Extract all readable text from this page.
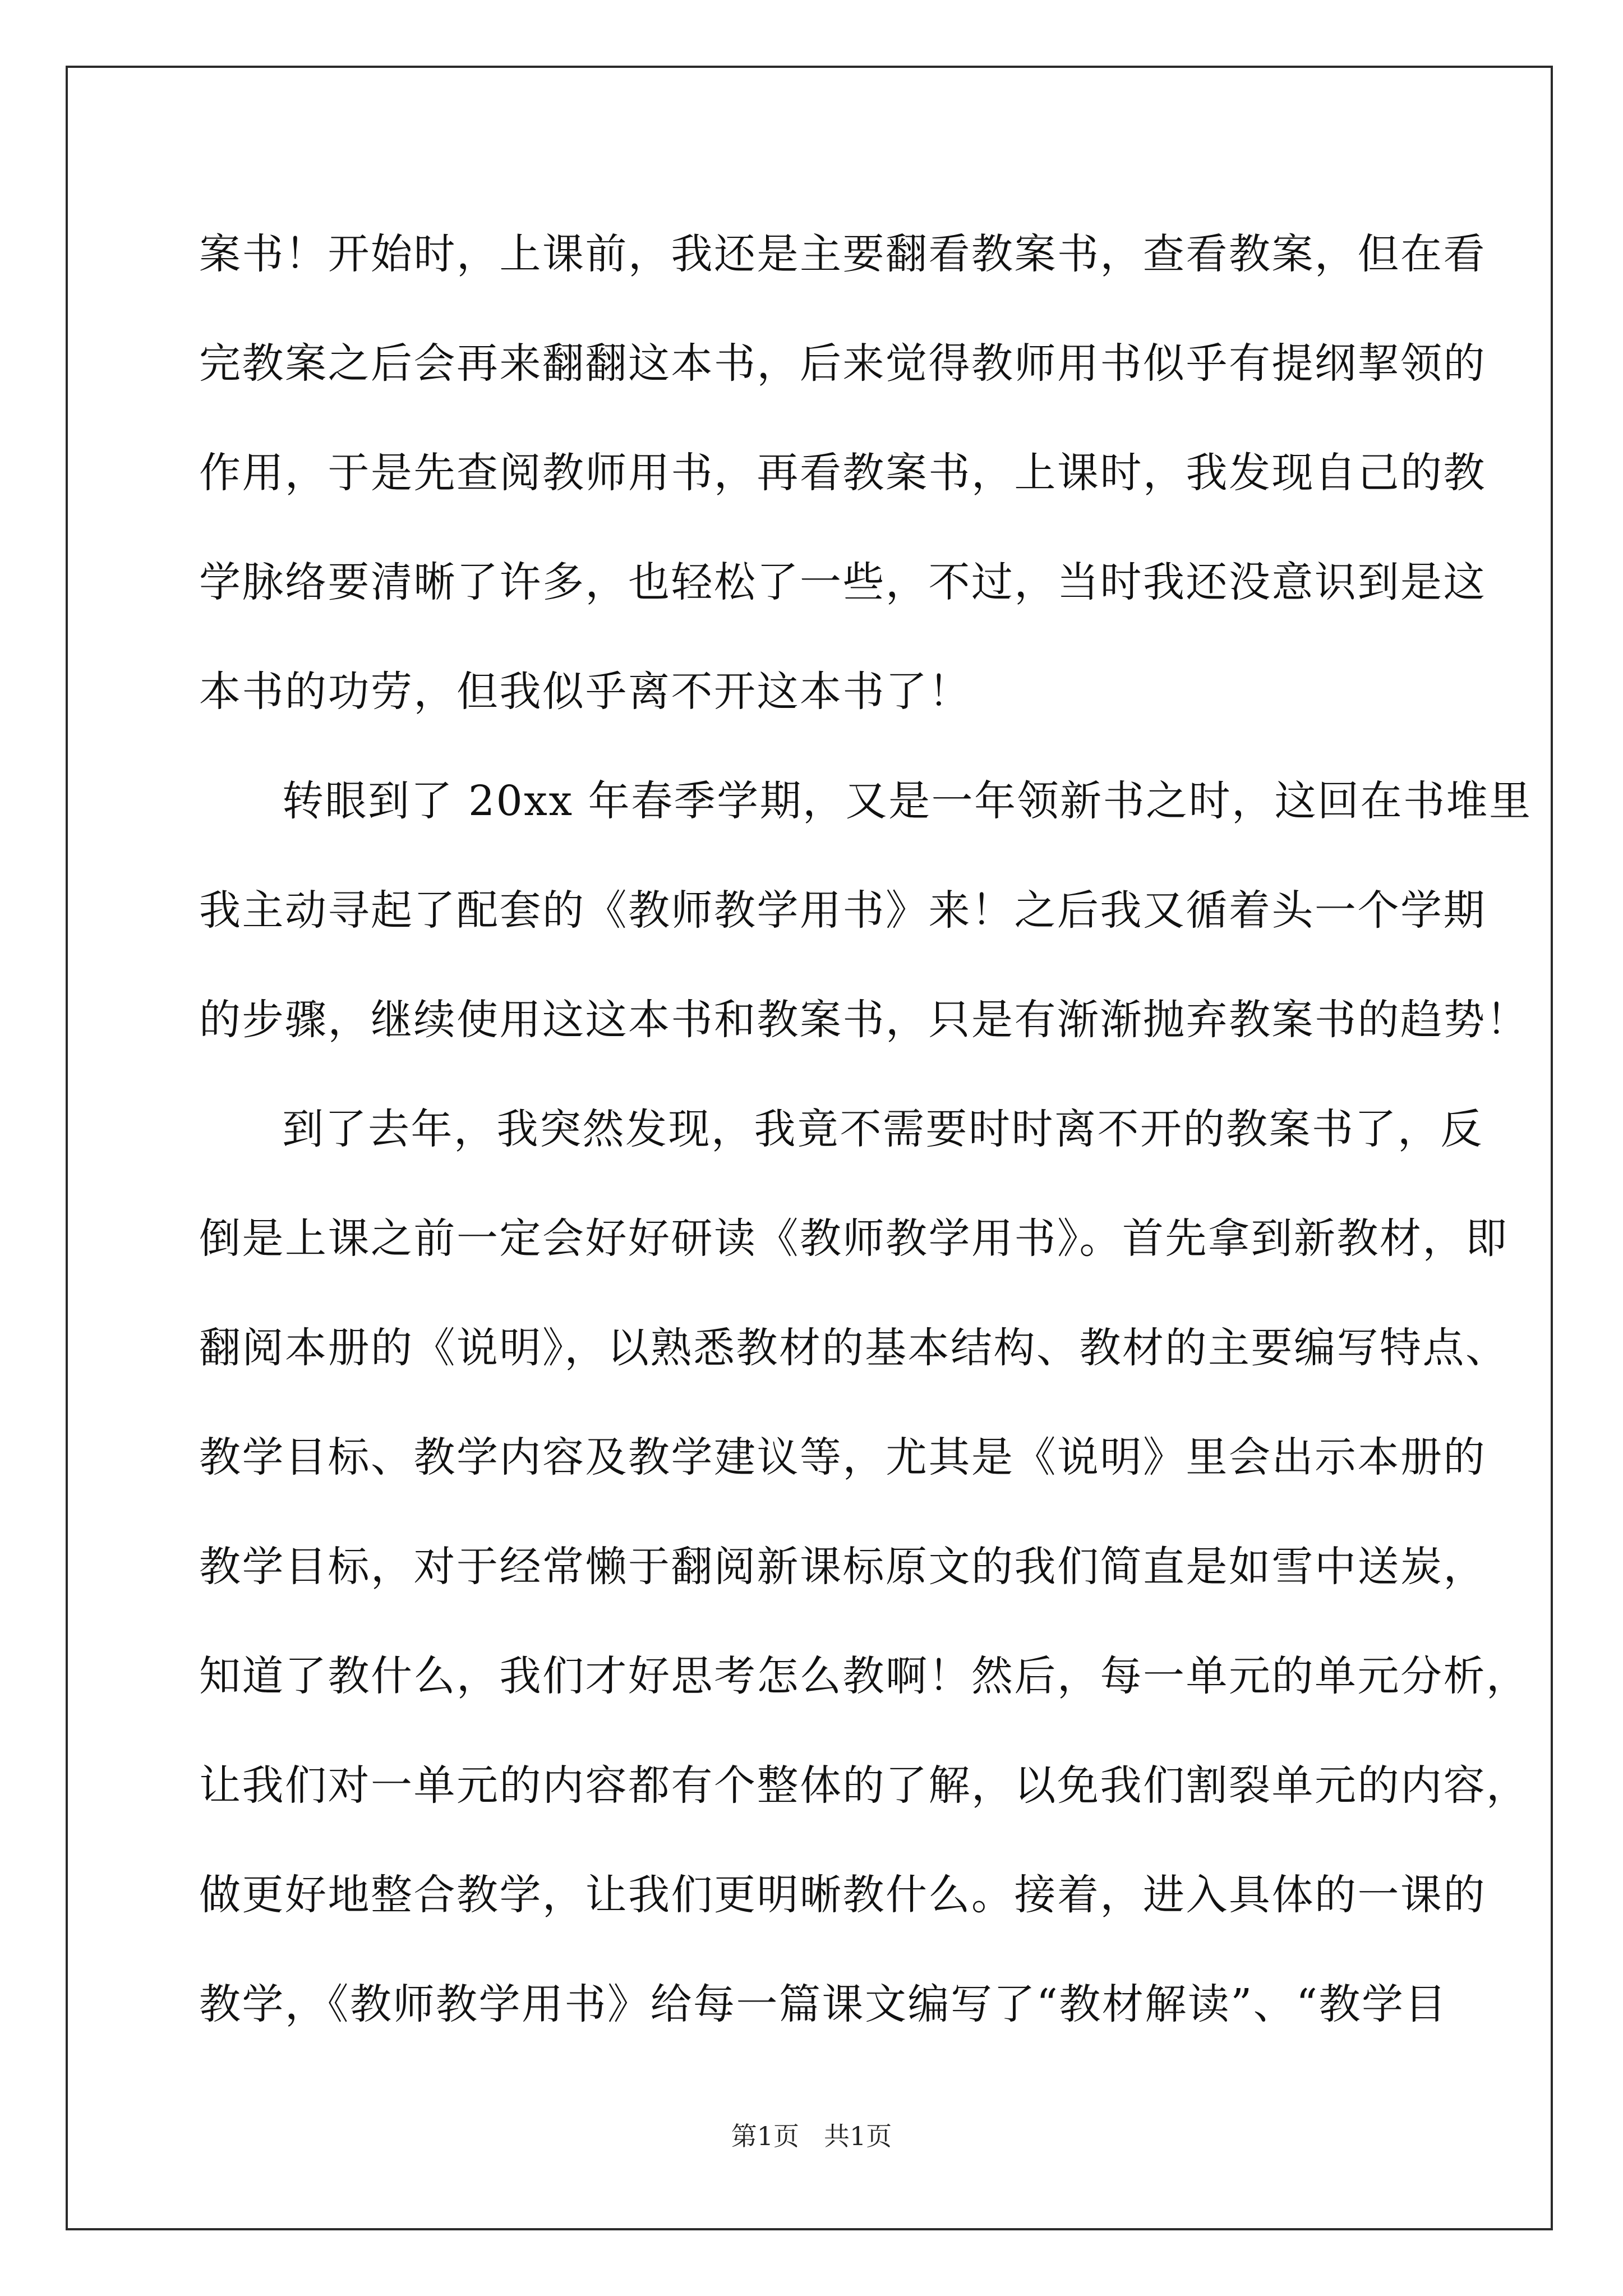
案书！开始时，上课前，我还是主要翻看教案书，查看教案，但在看
完教案之后会再来翻翻这本书，后来觉得教师用书似乎有提纲挈领的
作用，于是先查阅教师用书，再看教案书，上课时，我发现自己的教
学脉络要清晰了许多，也轻松了一些，不过，当时我还没意识到是这
本书的功劳，但我似乎离不开这本书了！
转眼到了 20xx 年春季学期，又是一年领新书之时，这回在书堆里
我主动寻起了配套的《教师教学用书》来！之后我又循着头一个学期
的步骤，继续使用这这本书和教案书，只是有渐渐抛弃教案书的趋势！
到了去年，我突然发现，我竟不需要时时离不开的教案书了，反
倒是上课之前一定会好好研读《教师教学用书》。首先拿到新教材，即
翻阅本册的《说明》，以熟悉教材的基本结构、教材的主要编写特点、
教学目标、教学内容及教学建议等，尤其是《说明》里会出示本册的
教学目标，对于经常懒于翻阅新课标原文的我们简直是如雪中送炭，
知道了教什么，我们才好思考怎么教啊！然后，每一单元的单元分析，
让我们对一单元的内容都有个整体的了解，以免我们割裂单元的内容，
做更好地整合教学，让我们更明晰教什么。接着，进入具体的一课的
教学，《教师教学用书》给每一篇课文编写了“教材解读”、“教学目
第1页 共1页
